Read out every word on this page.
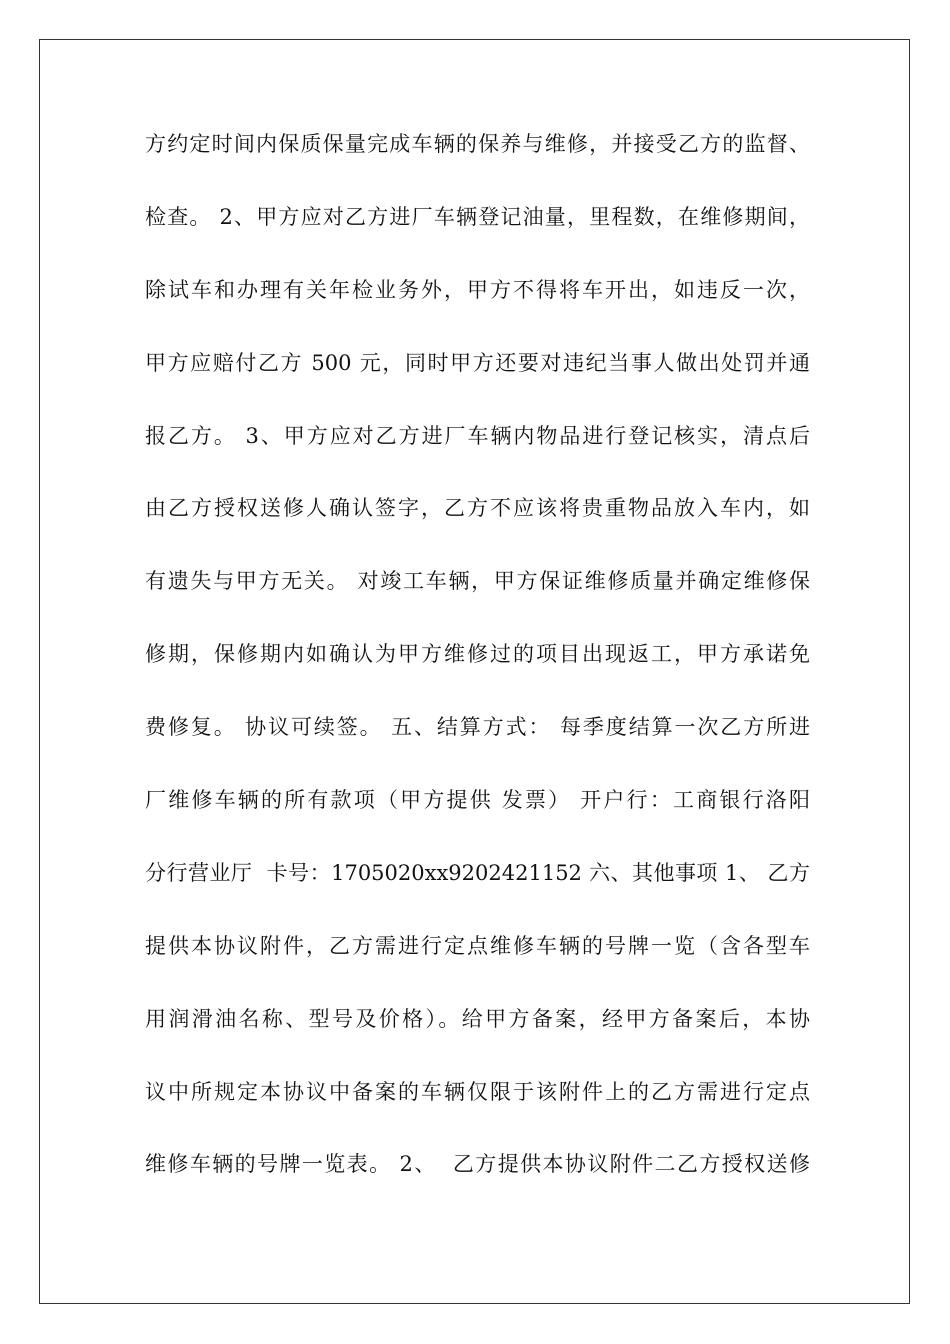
方约定时间内保质保量完成车辆的保养与维修，并接受乙方的监督、
检查。 2、甲方应对乙方进厂车辆登记油量，里程数，在维修期间，
除试车和办理有关年检业务外，甲方不得将车开出，如违反一次，
甲方应赔付乙方 500 元，同时甲方还要对违纪当事人做出处罚并通
报乙方。 3、甲方应对乙方进厂车辆内物品进行登记核实，清点后
由乙方授权送修人确认签字，乙方不应该将贵重物品放入车内，如
有遗失与甲方无关。 对竣工车辆，甲方保证维修质量并确定维修保
修期，保修期内如确认为甲方维修过的项目出现返工，甲方承诺免
费修复。 协议可续签。 五、结算方式： 每季度结算一次乙方所进
厂维修车辆的所有款项（甲方提供 发票） 开户行：工商银行洛阳
分行营业厅  卡号：1705020xx9202421152 六、其他事项 1、 乙方
提供本协议附件，乙方需进行定点维修车辆的号牌一览（含各型车
用润滑油名称、型号及价格）。给甲方备案，经甲方备案后，本协
议中所规定本协议中备案的车辆仅限于该附件上的乙方需进行定点
维修车辆的号牌一览表。 2、  乙方提供本协议附件二乙方授权送修
